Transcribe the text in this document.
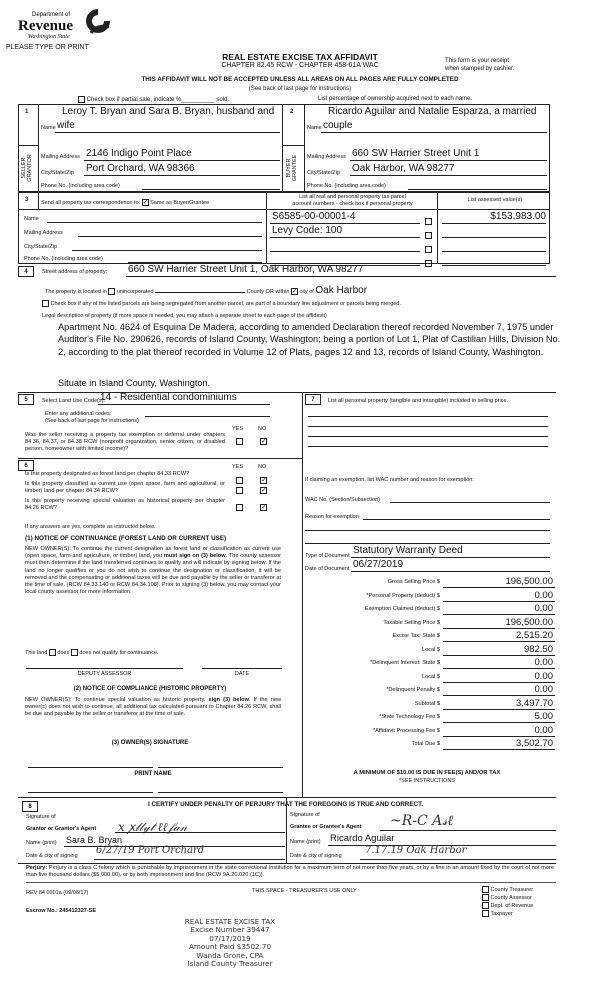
Department of
Revenue
Washington State
PLEASE TYPE OR PRINT
REAL ESTATE EXCISE TAX AFFIDAVIT
CHAPTER 82.45 RCW - CHAPTER 458-61A WAC
This form is your receipt
when stamped by cashier.
THIS AFFIDAVIT WILL NOT BE ACCEPTED UNLESS ALL AREAS ON ALL PAGES ARE FULLY COMPLETED
(See back of last page for instructions)
Check box if partial sale, indicate %__________ sold.	List percentage of ownership acquired next to each name.
1	2
SELLER GRANTOR	BUYER GRANTEE
Leroy T. Bryan and Sara B. Bryan, husband and
Name wife
Mailing Address 2146 Indigo Point Place
City/State/Zip Port Orchard, WA 98366
Phone No. (including area code)
Ricardo Aguilar and Natalie Esparza, a married
Name couple
Mailing Address 660 SW Harrier Street Unit 1
City/State/Zip Oak Harbor, WA 98277
Phone No. (including area code)
3 Send all property tax correspondence to: ✓ Same as Buyer/Grantee
List all real and personal property tax parcel
account numbers - check box if personal property
List assessed value(s)
Name
Mailing Address
City/State/Zip
Phone No. (including area code)
S6585-00-00001-4	$153,983.00
Levy Code: 100
4	Street address of property: 660 SW Harrier Street Unit 1, Oak Harbor, WA 98277
The property is located in unincorporated	County OR within ✓ city of Oak Harbor
Check box if any of the listed parcels are being segregated from another parcel, are part of a boundary line adjustment or parcels being merged.
Legal description of property (if more space is needed, you may attach a separate sheet to each page of the affidavit)
Apartment No. 4624 of Esquina De Madera, according to amended Declaration thereof recorded November 7, 1975 under Auditor's File No. 290626, records of Island County, Washington; being a portion of Lot 1, Plat of Castilian Hills, Division No. 2, according to the plat thereof recorded in Volume 12 of Plats, pages 12 and 13, records of Island County, Washington.
Situate in Island County, Washington.
5	Select Land Use Code(s):
14 - Residential condominiums
Enter any additional codes:
(See back of last page for instructions)
YES	NO
Was the seller receiving a property tax exemption or deferral under chapters 84.36, 84.37, or 84.38 RCW (nonprofit organization, senior citizen, or disabled person, homeowner with limited income)?
✓
6	YES	NO
Is this property designated as forest land per chapter 84.33 RCW?
✓
Is this property classified as current use (open space, farm and agricultural, or timber) land per chapter 84.34 RCW?	✓
Is this property receiving special valuation as historical property per chapter 84.26 RCW?	✓
If any answers are yes, complete as instructed below.
(1) NOTICE OF CONTINUANCE (FOREST LAND OR CURRENT USE)
NEW OWNER(S): To continue the current designation as forest land or classification as current use (open space, farm and agriculture, or timber) land, you must sign on (3) below. The county assessor must then determine if the land transferred continues to qualify and will indicate by signing below. If the land no longer qualifies or you do not wish to continue the designation or classification, it will be removed and the compensating or additional taxes will be due and payable by the seller or transferor at the time of sale. (RCW 84.33.140 or RCW 84.34.108). Prior to signing (3) below, you may contact your local county assessor for more information.
This land does does not qualify for continuance.
DEPUTY ASSESSOR	DATE
(2) NOTICE OF COMPLIANCE (HISTORIC PROPERTY)
NEW OWNER(S): To continue special valuation as historic property, sign (3) below. If the new owner(s) does not wish to continue, all additional tax calculated pursuant to Chapter 84.26 RCW, shall be due and payable by the seller or transferor at the time of sale.
(3) OWNER(S) SIGNATURE
PRINT NAME
7	List all personal property (tangible and intangible) included in selling price.
If claiming an exemption, list WAC number and reason for exemption:
WAC No. (Section/Subsection)
Reason for exemption
Type of Document Statutory Warranty Deed
Date of Document 06/27/2019
Gross Selling Price $	196,500.00
*Personal Property (deduct) $	0.00
Exemption Claimed (deduct) $	0.00
Taxable Selling Price $	196,500.00
Excise Tax: State $	2,515.20
Local $	982.50
*Delinquent Interest: State $	0.00
Local $	0.00
*Delinquent Penalty $	0.00
Subtotal $	3,497.70
*State Technology Fee $	5.00
*Affidavit Processing Fee $	0.00
Total Due $	3,502.70
A MINIMUM OF $10.00 IS DUE IN FEE(S) AND/OR TAX
*SEE INSTRUCTIONS
8	I CERTIFY UNDER PENALTY OF PERJURY THAT THE FOREGOING IS TRUE AND CORRECT.
Signature of
Grantor or Grantor's Agent x ꭗ𝓁𝓁𝓎𝓉 ℓℓ𝒻𝒶𝓃
Name (print) Sara B. Bryan
Date & city of signing 6/27/19 Port Orchard
Signature of
Grantee or Grantee's Agent ~R-C A𝓈ℓ
Name (print) Ricardo Aguilar
Date & city of signing 7.17.19 Oak Harbor
Perjury: Perjury is a class C felony which is punishable by imprisonment in the state correctional institution for a maximum term of not more than five years, or by a fine in an amount fixed by the court of not more than five thousand dollars ($5,000.00), or by both imprisonment and fine (RCW 9A.20.020 (1C)).
REV 84 0001a (09/06/17)	THIS SPACE - TREASURER'S USE ONLY
Escrow No.: 245412327-SE
County Treasurer
County Assessor
Dept. of Revenue
Taxpayer
REAL ESTATE EXCISE TAX
Excise Number 39447
07/17/2019
Amount Paid $3502.70
Wanda Grone, CPA
Island County Treasurer
